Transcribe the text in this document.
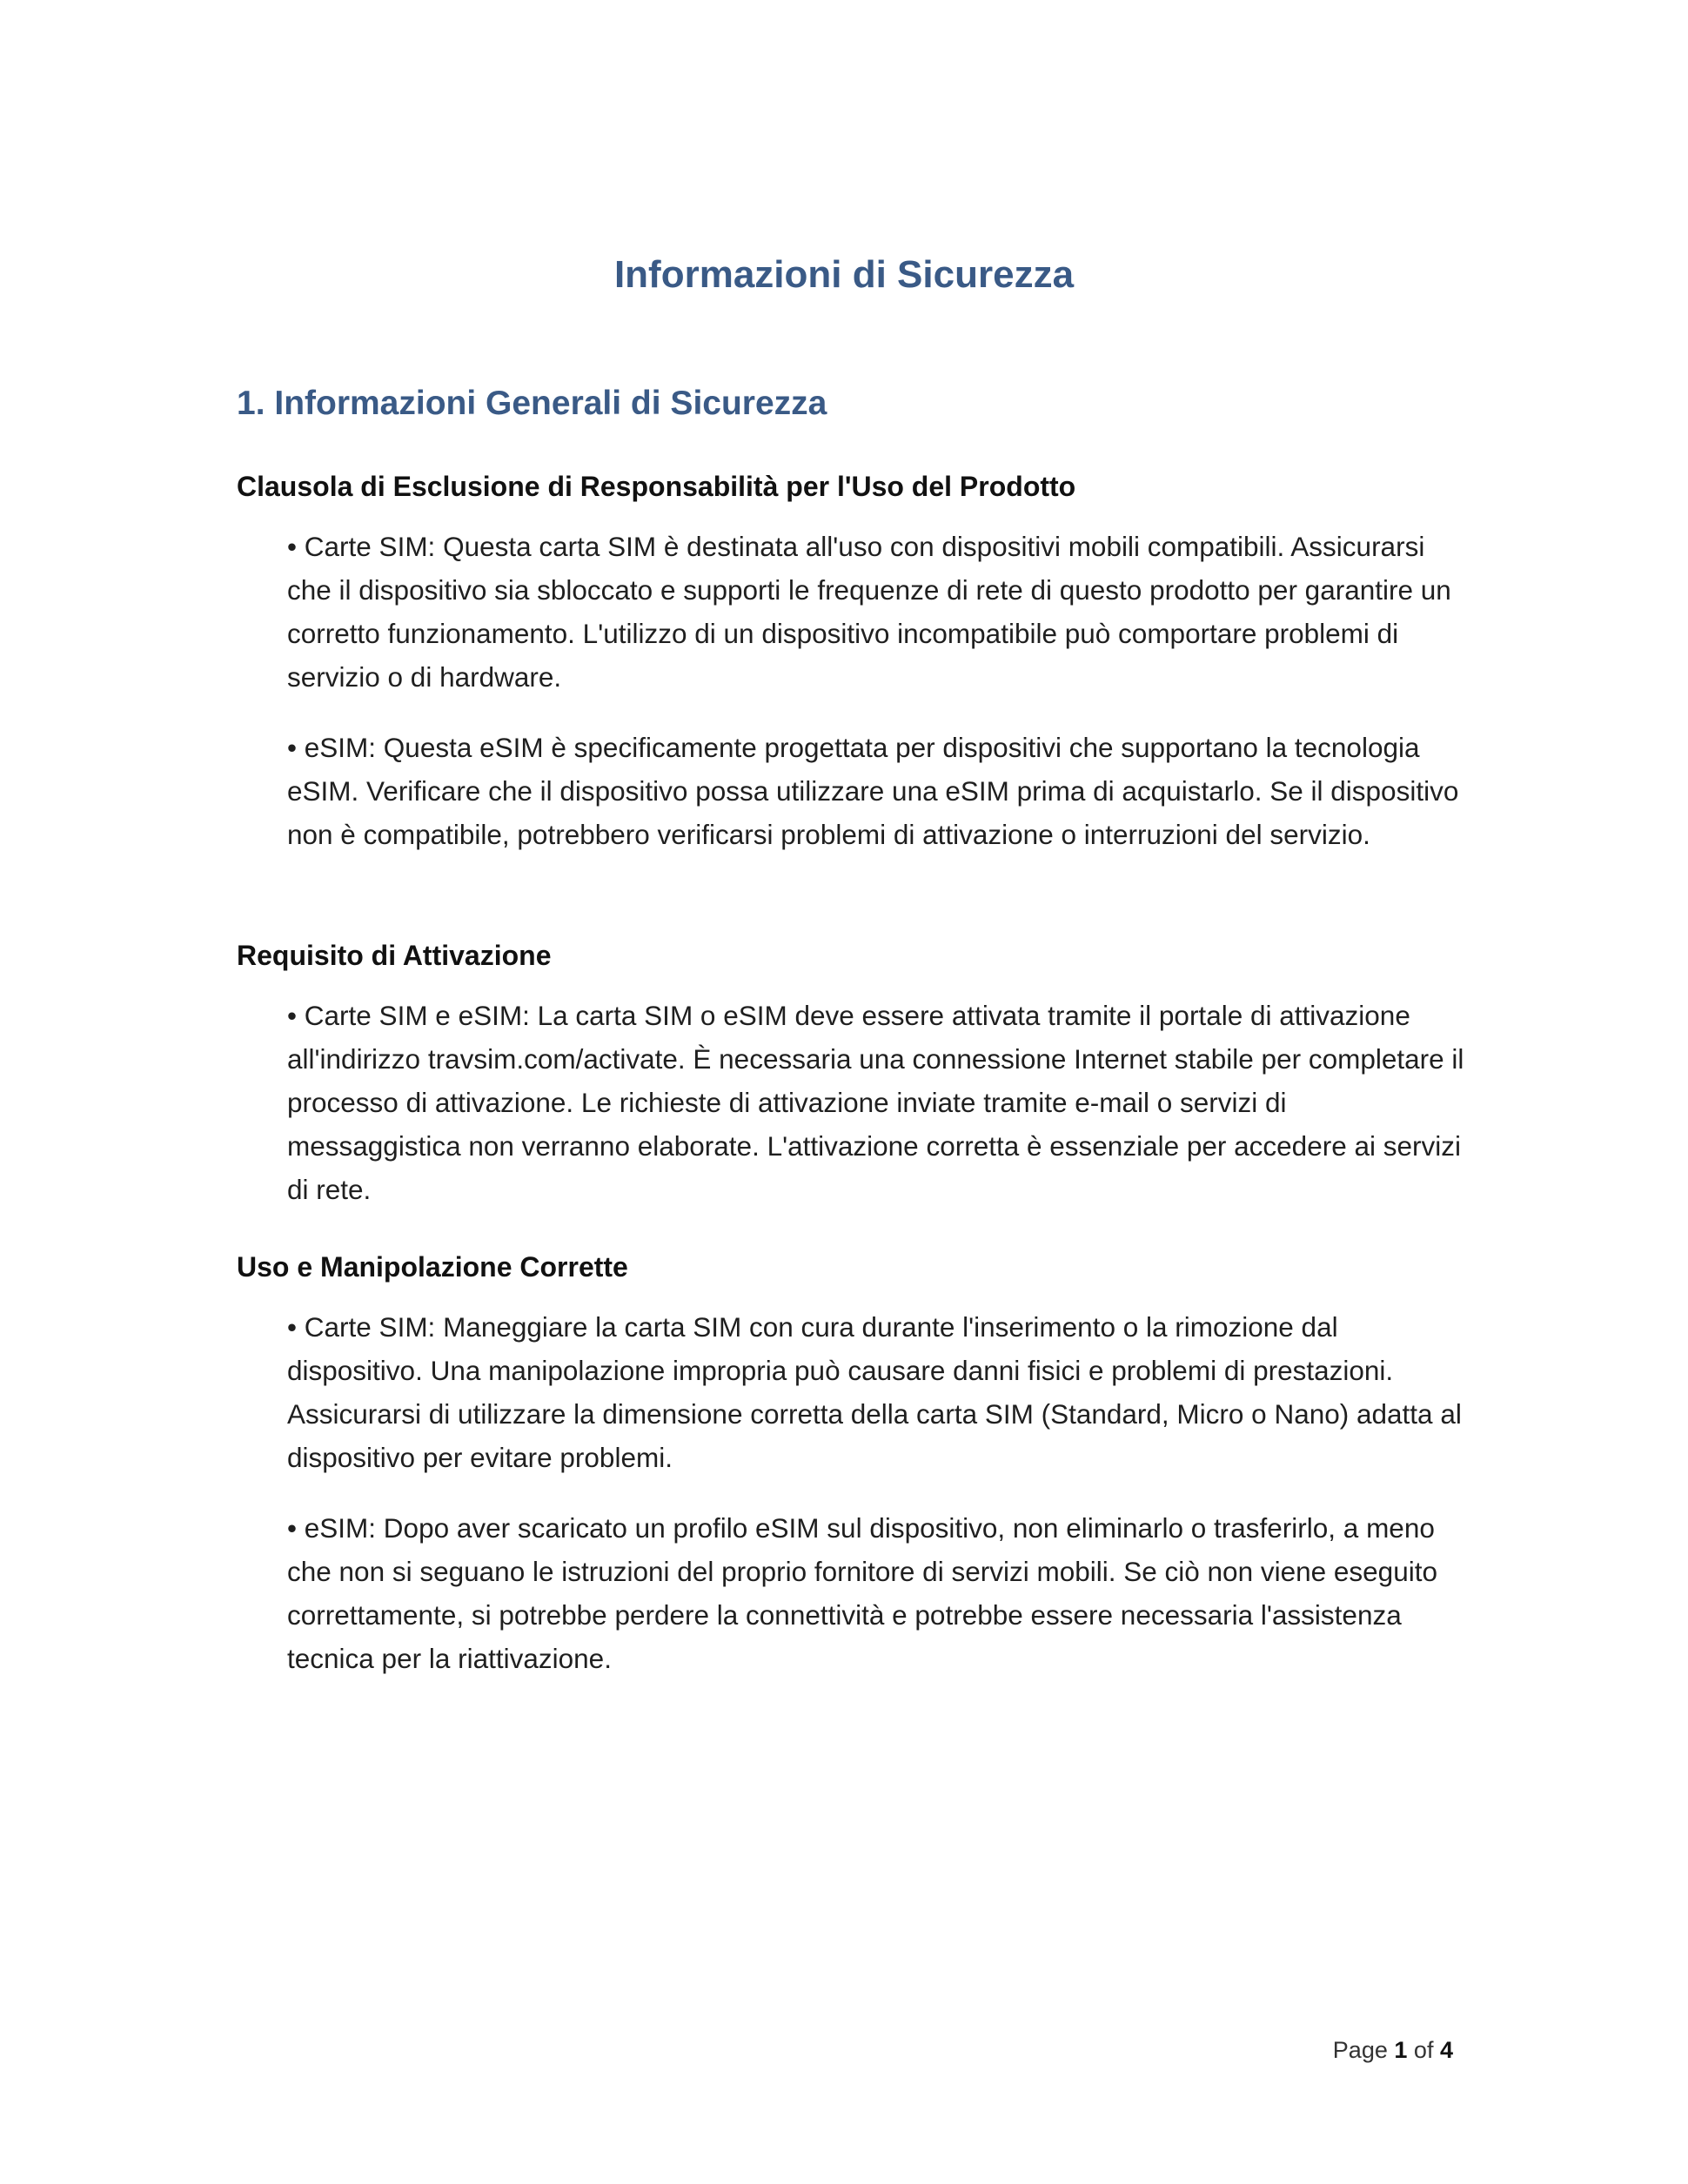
Informazioni di Sicurezza
1. Informazioni Generali di Sicurezza
Clausola di Esclusione di Responsabilità per l'Uso del Prodotto

• Carte SIM: Questa carta SIM è destinata all'uso con dispositivi mobili compatibili. Assicurarsi che il dispositivo sia sbloccato e supporti le frequenze di rete di questo prodotto per garantire un corretto funzionamento. L'utilizzo di un dispositivo incompatibile può comportare problemi di servizio o di hardware.

• eSIM: Questa eSIM è specificamente progettata per dispositivi che supportano la tecnologia eSIM. Verificare che il dispositivo possa utilizzare una eSIM prima di acquistarlo. Se il dispositivo non è compatibile, potrebbero verificarsi problemi di attivazione o interruzioni del servizio.

Requisito di Attivazione

• Carte SIM e eSIM: La carta SIM o eSIM deve essere attivata tramite il portale di attivazione all'indirizzo travsim.com/activate. È necessaria una connessione Internet stabile per completare il processo di attivazione. Le richieste di attivazione inviate tramite e-mail o servizi di messaggistica non verranno elaborate. L'attivazione corretta è essenziale per accedere ai servizi di rete.

Uso e Manipolazione Corrette

• Carte SIM: Maneggiare la carta SIM con cura durante l'inserimento o la rimozione dal dispositivo. Una manipolazione impropria può causare danni fisici e problemi di prestazioni. Assicurarsi di utilizzare la dimensione corretta della carta SIM (Standard, Micro o Nano) adatta al dispositivo per evitare problemi.

• eSIM: Dopo aver scaricato un profilo eSIM sul dispositivo, non eliminarlo o trasferirlo, a meno che non si seguano le istruzioni del proprio fornitore di servizi mobili. Se ciò non viene eseguito correttamente, si potrebbe perdere la connettività e potrebbe essere necessaria l'assistenza tecnica per la riattivazione.

Page 1 of 4
